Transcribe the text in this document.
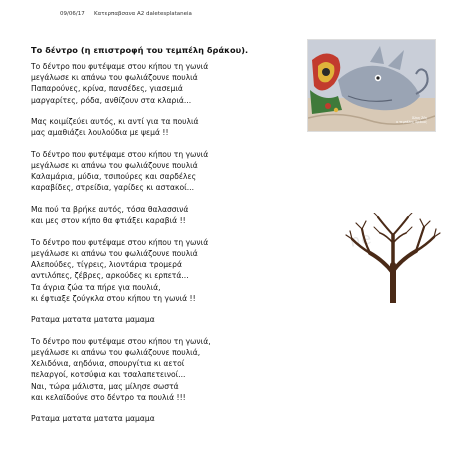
09/06/17 Κατερπαβσανα Α2 daletesplataneia
Το δέντρο (η επιστροφή του τεμπέλη δράκου).
Το δέντρο που φυτέψαμε στου κήπου τη γωνιά
μεγάλωσε κι απάνω του φωλιάζουνε πουλιά
Παπαρούνες, κρίνα, πανσέδες, γιασεμιά
μαργαρίτες, ρόδα, ανθίζουν στα κλαριά...
Μας κοιμίζεύει αυτός, κι αντί για τα πουλιά
μας αμαθιάζει λουλούδια με ψεμά !!
Το δέντρο που φυτέψαμε στου κήπου τη γωνιά
μεγάλωσε κι απάνω του φωλιάζουνε πουλιά
Καλαμάρια, μύδια, τσιπούρες και σαρδέλες
καραβίδες, στρείδια, γαρίδες κι αστακοί...
Μα πού τα βρήκε αυτός, τόσα θαλασσινά
και μες στον κήπο θα φτιάξει καραβιά !!
Το δέντρο που φυτέψαμε στου κήπου τη γωνιά
μεγάλωσε κι απάνω του φωλιάζουνε πουλιά
Αλεπούδες, τίγρεις, λιοντάρια τρομερά
αντιλόπες, ζέβρες, αρκούδες κι ερπετά...
Τα άγρια ζώα τα πήρε για πουλιά,
κι έφτιαξε ζούγκλα στου κήπου τη γωνιά !!
Ραταμα ματατα ματατα μαμαμα
Το δέντρο που φυτέψαμε στου κήπου τη γωνιά,
μεγάλωσε κι απάνω του φωλιάζουνε πουλιά,
Χελιδόνια, αηδόνια, σπουργίτια κι αετοί
πελαργοί, κοτσύφια και τσαλαπετεινοί...
Ναι, τώρα μάλιστα, μας μίλησε σωστά
και κελαϊδούνε στο δέντρο τα πουλιά !!!
Ραταμα ματατα ματατα μαμαμα
Άλκη Ζέη
ο τεμπέλης δράκος
ne
